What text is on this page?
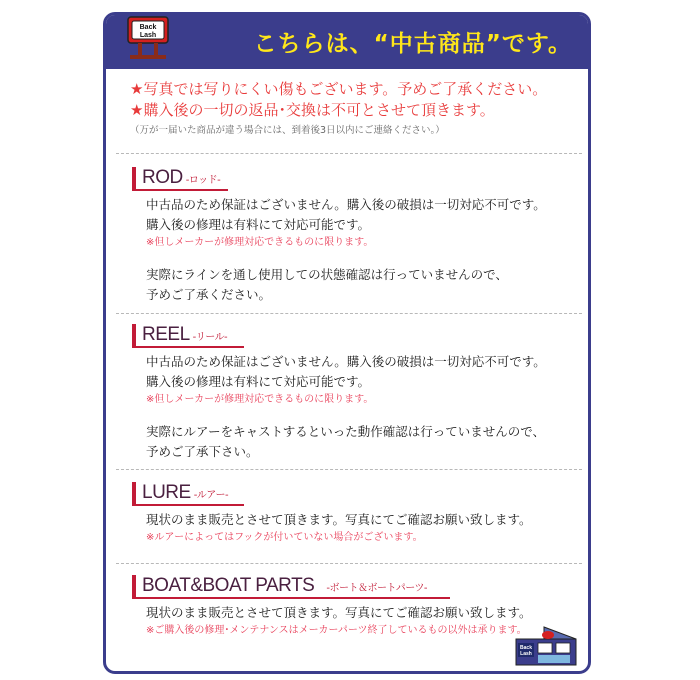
Back
Lash	こちらは、“中古商品”です。
★写真では写りにくい傷もございます。予めご了承ください。
★購入後の一切の返品･交換は不可とさせて頂きます。
（万が一届いた商品が違う場合には、到着後3日以内にご連絡ください。）
ROD -ロッド-
中古品のため保証はございません。購入後の破損は一切対応不可です。
購入後の修理は有料にて対応可能です。
※但しメーカーが修理対応できるものに限ります。
実際にラインを通し使用しての状態確認は行っていませんので、
予めご了承ください。
REEL -リール-
中古品のため保証はございません。購入後の破損は一切対応不可です。
購入後の修理は有料にて対応可能です。
※但しメーカーが修理対応できるものに限ります。
実際にルアーをキャストするといった動作確認は行っていませんので、
予めご了承下さい。
LURE -ルアー-
現状のまま販売とさせて頂きます。写真にてご確認お願い致します。
※ルアーによってはフックが付いていない場合がございます。
BOAT&BOAT PARTS -ボート＆ボートパーツ-
現状のまま販売とさせて頂きます。写真にてご確認お願い致します。
※ご購入後の修理･メンテナンスはメーカーパーツ終了しているもの以外は承ります。
Back
Lash
